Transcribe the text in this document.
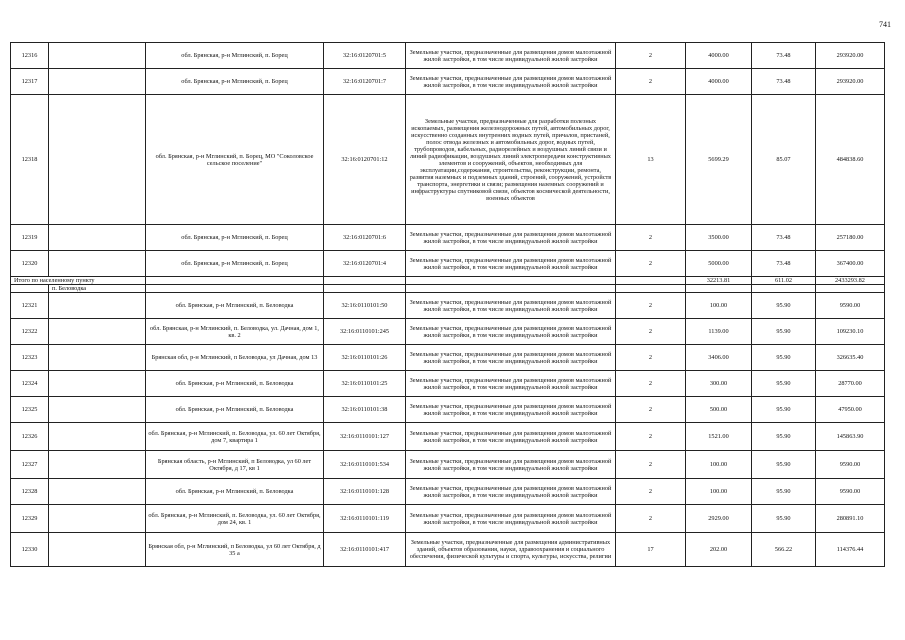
741
12316		обл. Брянская, р-н Мглинский, п. Борец	32:16:0120701:5	Земельные участки, предназначенные для размещения домов малоэтажной жилой застройки, в том числе индивидуальной жилой застройки	2	4000.00	73.48	293920.00
12317		обл. Брянская, р-н Мглинский, п. Борец	32:16:0120701:7	Земельные участки, предназначенные для размещения домов малоэтажной жилой застройки, в том числе индивидуальной жилой застройки	2	4000.00	73.48	293920.00
12318		обл. Брянская, р-н Мглинский, п. Борец, МО "Соколовское сельское поселение"	32:16:0120701:12	Земельные участки, предназначенные для разработки полезных ископаемых, размещения железнодорожных путей, автомобильных дорог, искусственно созданных внутренних водных путей, причалов, пристаней, полос отвода железных и автомобильных дорог, водных путей, трубопроводов, кабельных, радиорелейных и воздушных линий связи и линий радиофикации, воздушных линий электропередачи конструктивных элементов и сооружений, объектов, необходимых для эксплуатации,содержания, строительства, реконструкции, ремонта, развития наземных и подземных зданий, строений, сооружений, устройств транспорта, энергетики и связи; размещения наземных сооружений и инфраструктуры спутниковой связи, объектов космической деятельности, военных объектов	13	5699.29	85.07	484838.60
12319		обл. Брянская, р-н Мглинский, п. Борец	32:16:0120701:6	Земельные участки, предназначенные для размещения домов малоэтажной жилой застройки, в том числе индивидуальной жилой застройки	2	3500.00	73.48	257180.00
12320		обл. Брянская, р-н Мглинский, п. Борец	32:16:0120701:4	Земельные участки, предназначенные для размещения домов малоэтажной жилой застройки, в том числе индивидуальной жилой застройки	2	5000.00	73.48	367400.00
Итого по населенному пункту						32213.81	611.02	2433293.82
	п. Беловодка							
12321		обл. Брянская, р-н Мглинский, п. Беловодка	32:16:0110101:50	Земельные участки, предназначенные для размещения домов малоэтажной жилой застройки, в том числе индивидуальной жилой застройки	2	100.00	95.90	9590.00
12322		обл. Брянская, р-н Мглинский, п. Беловодка, ул. Дачная, дом 1, кв. 2	32:16:0110101:245	Земельные участки, предназначенные для размещения домов малоэтажной жилой застройки, в том числе индивидуальной жилой застройки	2	1139.00	95.90	109230.10
12323		Брянская обл, р-н Мглинский, п Беловодка, ул Дачная, дом 13	32:16:0110101:26	Земельные участки, предназначенные для размещения домов малоэтажной жилой застройки, в том числе индивидуальной жилой застройки	2	3406.00	95.90	326635.40
12324		обл. Брянская, р-н Мглинский, п. Беловодка	32:16:0110101:25	Земельные участки, предназначенные для размещения домов малоэтажной жилой застройки, в том числе индивидуальной жилой застройки	2	300.00	95.90	28770.00
12325		обл. Брянская, р-н Мглинский, п. Беловодка	32:16:0110101:38	Земельные участки, предназначенные для размещения домов малоэтажной жилой застройки, в том числе индивидуальной жилой застройки	2	500.00	95.90	47950.00
12326		обл. Брянская, р-н Мглинский, п. Беловодка, ул. 60 лет Октября, дом 7, квартира 1	32:16:0110101:127	Земельные участки, предназначенные для размещения домов малоэтажной жилой застройки, в том числе индивидуальной жилой застройки	2	1521.00	95.90	145863.90
12327		Брянская область, р-н Мглинский, п Беловодка, ул 60 лет Октября, д 17, кв 1	32:16:0110101:534	Земельные участки, предназначенные для размещения домов малоэтажной жилой застройки, в том числе индивидуальной жилой застройки	2	100.00	95.90	9590.00
12328		обл. Брянская, р-н Мглинский, п. Беловодка	32:16:0110101:128	Земельные участки, предназначенные для размещения домов малоэтажной жилой застройки, в том числе индивидуальной жилой застройки	2	100.00	95.90	9590.00
12329		обл. Брянская, р-н Мглинский, п. Беловодка, ул. 60 лет Октября, дом 24, кв. 1	32:16:0110101:119	Земельные участки, предназначенные для размещения домов малоэтажной жилой застройки, в том числе индивидуальной жилой застройки	2	2929.00	95.90	280891.10
12330		Брянская обл, р-н Мглинский, п Беловодка, ул 60 лет Октября, д 35 а	32:16:0110101:417	Земельные участки, предназначенные для размещения административных зданий, объектов образования, науки, здравоохранения и социального обеспечения, физической культуры и спорта, культуры, искусства, религии	17	202.00	566.22	114376.44
